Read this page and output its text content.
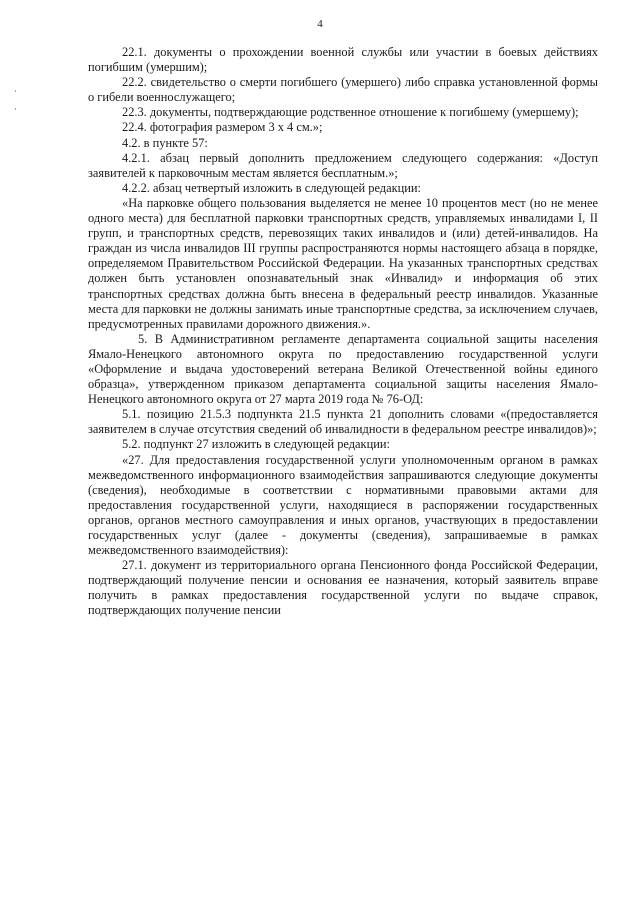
4
·
·

22.1. документы о прохождении военной службы или участии в боевых действиях погибшим (умершим);

22.2. свидетельство о смерти погибшего (умершего) либо справка установленной формы о гибели военнослужащего;

22.3. документы, подтверждающие родственное отношение к погибшему (умершему);

22.4. фотография размером 3 х 4 см.»;

4.2. в пункте 57:

4.2.1. абзац первый дополнить предложением следующего содержания: «Доступ заявителей к парковочным местам является бесплатным.»;

4.2.2. абзац четвертый изложить в следующей редакции:

«На парковке общего пользования выделяется не менее 10 процентов мест (но не менее одного места) для бесплатной парковки транспортных средств, управляемых инвалидами I, II групп, и транспортных средств, перевозящих таких инвалидов и (или) детей-инвалидов. На граждан из числа инвалидов III группы распространяются нормы настоящего абзаца в порядке, определяемом Правительством Российской Федерации. На указанных транспортных средствах должен быть установлен опознавательный знак «Инвалид» и информация об этих транспортных средствах должна быть внесена в федеральный реестр инвалидов. Указанные места для парковки не должны занимать иные транспортные средства, за исключением случаев, предусмотренных правилами дорожного движения.».

5. В Административном регламенте департамента социальной защиты населения Ямало-Ненецкого автономного округа по предоставлению государственной услуги «Оформление и выдача удостоверений ветерана Великой Отечественной войны единого образца», утвержденном приказом департамента социальной защиты населения Ямало-Ненецкого автономного округа от 27 марта 2019 года № 76-ОД:

5.1. позицию 21.5.3 подпункта 21.5 пункта 21 дополнить словами «(предоставляется заявителем в случае отсутствия сведений об инвалидности в федеральном реестре инвалидов)»;

5.2. подпункт 27 изложить в следующей редакции:

«27. Для предоставления государственной услуги уполномоченным органом в рамках межведомственного информационного взаимодействия запрашиваются следующие документы (сведения), необходимые в соответствии с нормативными правовыми актами для предоставления государственной услуги, находящиеся в распоряжении государственных органов, органов местного самоуправления и иных органов, участвующих в предоставлении государственных услуг (далее - документы (сведения), запрашиваемые в рамках межведомственного взаимодействия):

27.1. документ из территориального органа Пенсионного фонда Российской Федерации, подтверждающий получение пенсии и основания ее назначения, который заявитель вправе получить в рамках предоставления государственной услуги по выдаче справок, подтверждающих получение пенсии
